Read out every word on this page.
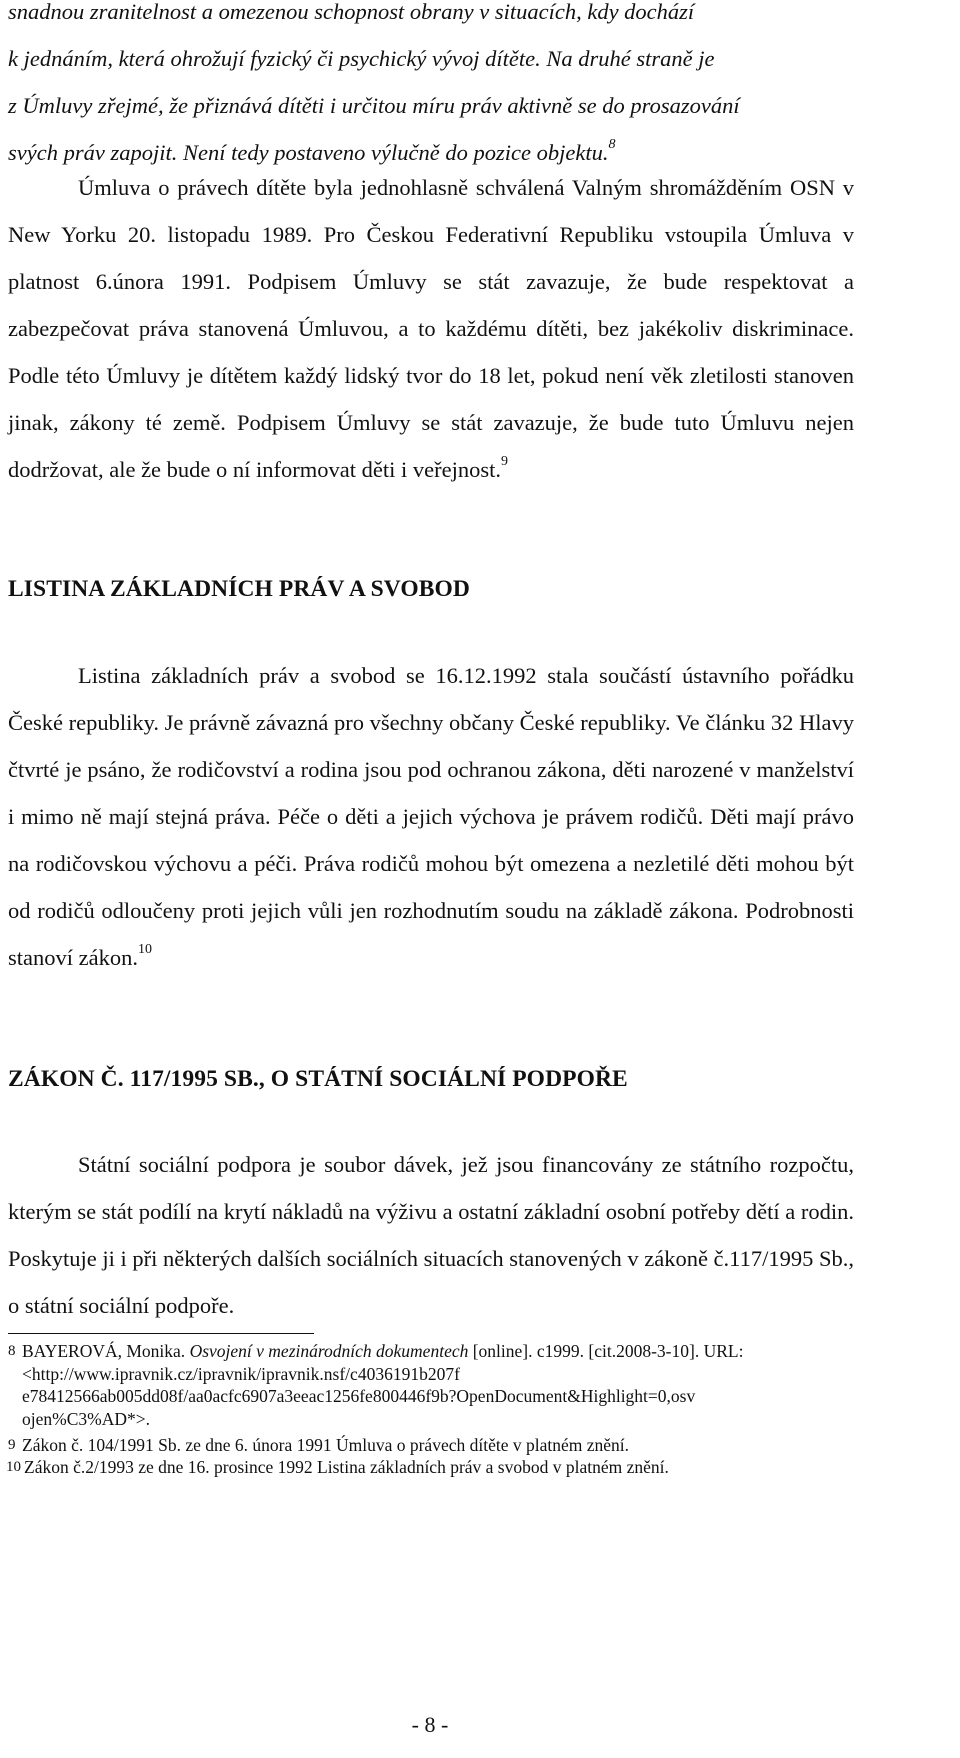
snadnou zranitelnost a omezenou schopnost obrany v situacích, kdy dochází
k jednáním, která ohrožují fyzický či psychický vývoj dítěte. Na druhé straně je
z Úmluvy zřejmé, že přiznává dítěti i určitou míru práv aktivně se do prosazování
svých práv zapojit. Není tedy postaveno výlučně do pozice objektu.$^8$

Úmluva o právech dítěte byla jednohlasně schválená Valným shromážděním OSN v New Yorku 20. listopadu 1989. Pro Českou Federativní Republiku vstoupila Úmluva v platnost 6.února 1991. Podpisem Úmluvy se stát zavazuje, že bude respektovat a zabezpečovat práva stanovená Úmluvou, a to každému dítěti, bez jakékoliv diskriminace. Podle této Úmluvy je dítětem každý lidský tvor do 18 let, pokud není věk zletilosti stanoven jinak, zákony té země. Podpisem Úmluvy se stát zavazuje, že bude tuto Úmluvu nejen dodržovat, ale že bude o ní informovat děti i veřejnost.$^9$

LISTINA ZÁKLADNÍCH PRÁV A SVOBOD

Listina základních práv a svobod se 16.12.1992 stala součástí ústavního pořádku České republiky. Je právně závazná pro všechny občany České republiky. Ve článku 32 Hlavy čtvrté je psáno, že rodičovství a rodina jsou pod ochranou zákona, děti narozené v manželství i mimo ně mají stejná práva. Péče o děti a jejich výchova je právem rodičů. Děti mají právo na rodičovskou výchovu a péči. Práva rodičů mohou být omezena a nezletilé děti mohou být od rodičů odloučeny proti jejich vůli jen rozhodnutím soudu na základě zákona. Podrobnosti stanoví zákon.$^{10}$

ZÁKON Č. 117/1995 SB., O STÁTNÍ SOCIÁLNÍ PODPOŘE

Státní sociální podpora je soubor dávek, jež jsou financovány ze státního rozpočtu, kterým se stát podílí na krytí nákladů na výživu a ostatní základní osobní potřeby dětí a rodin. Poskytuje ji i při některých dalších sociálních situacích stanovených v zákoně č.117/1995 Sb., o státní sociální podpoře.

8 BAYEROVÁ, Monika. Osvojení v mezinárodních dokumentech [online]. c1999. [cit.2008-3-10]. URL: <http://www.ipravnik.cz/ipravnik/ipravnik.nsf/c4036191b207f
e78412566ab005dd08f/aa0acfc6907a3eeac1256fe800446f9b?OpenDocument&Highlight=0,osv
ojen%C3%AD*>.
9 Zákon č. 104/1991 Sb. ze dne 6. února 1991 Úmluva o právech dítěte v platném znění.
10 Zákon č.2/1993 ze dne 16. prosince 1992 Listina základních práv a svobod v platném znění.
- 8 -
